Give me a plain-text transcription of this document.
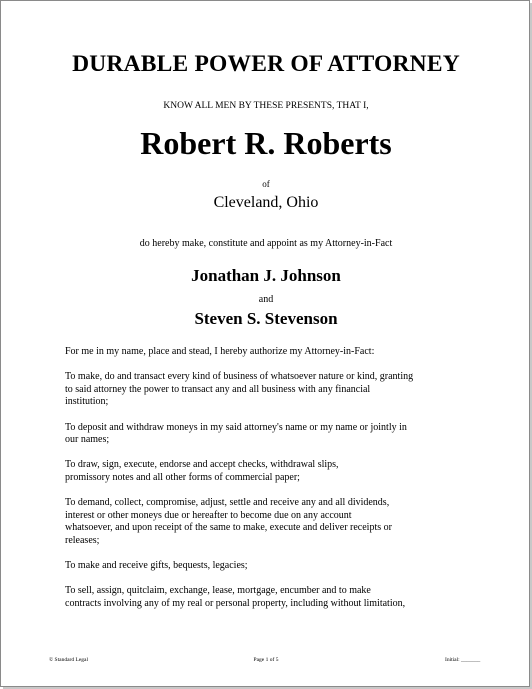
DURABLE POWER OF ATTORNEY
KNOW ALL MEN BY THESE PRESENTS, THAT I,
Robert R. Roberts
of
Cleveland, Ohio
do hereby make, constitute and appoint as my Attorney-in-Fact
Jonathan J. Johnson
and
Steven S. Stevenson

For me in my name, place and stead, I hereby authorize my Attorney-in-Fact:

To make, do and transact every kind of business of whatsoever nature or kind, granting
to said attorney the power to transact any and all business with any financial
institution;

To deposit and withdraw moneys in my said attorney's name or my name or jointly in
our names;

To draw, sign, execute, endorse and accept checks, withdrawal slips,
promissory notes and all other forms of commercial paper;

To demand, collect, compromise, adjust, settle and receive any and all dividends,
interest or other moneys due or hereafter to become due on any account
whatsoever, and upon receipt of the same to make, execute and deliver receipts or
releases;

To make and receive gifts, bequests, legacies;

To sell, assign, quitclaim, exchange, lease, mortgage, encumber and to make
contracts involving any of my real or personal property, including without limitation,

© Standard Legal	Page 1 of 5	Initial: _______
